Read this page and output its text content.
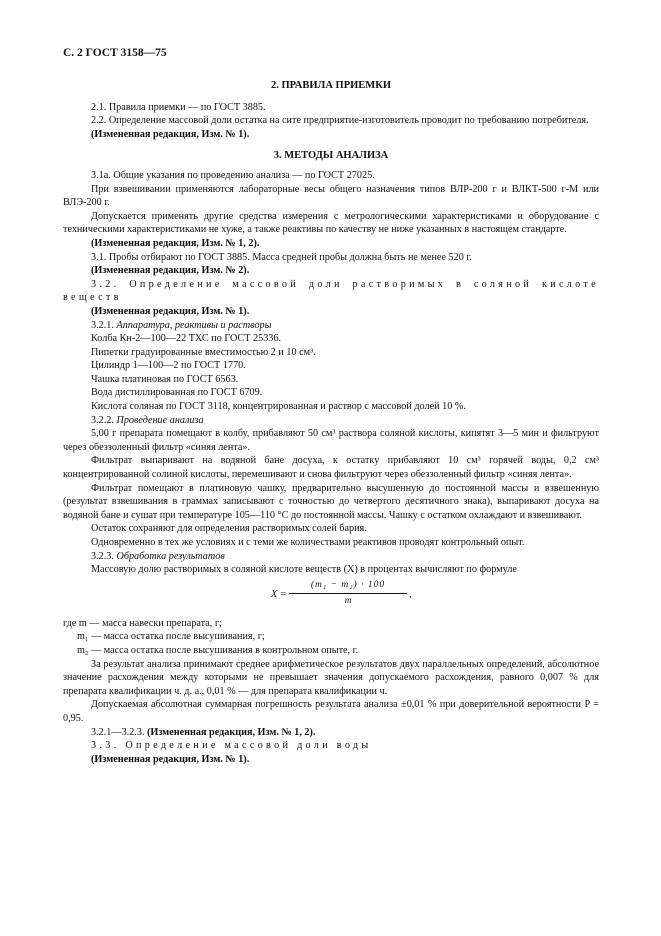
С. 2 ГОСТ 3158—75

2. ПРАВИЛА ПРИЕМКИ

2.1. Правила приемки — по ГОСТ 3885.

2.2. Определение массовой доли остатка на сите предприятие-изготовитель проводит по требованию потребителя.

(Измененная редакция, Изм. № 1).

3. МЕТОДЫ АНАЛИЗА

3.1а. Общие указания по проведению анализа — по ГОСТ 27025.

При взвешивании применяются лабораторные весы общего назначения типов ВЛР-200 г и ВЛКТ-500 г-М или ВЛЭ-200 г.

Допускается применять другие средства измерения с метрологическими характеристиками и оборудование с техническими характеристиками не хуже, а также реактивы по качеству не ниже указанных в настоящем стандарте.

(Измененная редакция, Изм. № 1, 2).

3.1. Пробы отбирают по ГОСТ 3885. Масса средней пробы должна быть не менее 520 г.

(Измененная редакция, Изм. № 2).

3.2. Определение массовой доли растворимых в соляной кислоте веществ

(Измененная редакция, Изм. № 1).

3.2.1. Аппаратура, реактивы и растворы

Колба Кн-2—100—22 ТХС по ГОСТ 25336.

Пипетки градуированные вместимостью 2 и 10 см³.

Цилиндр 1—100—2 по ГОСТ 1770.

Чашка платиновая по ГОСТ 6563.

Вода дистиллированная по ГОСТ 6709.

Кислота соляная по ГОСТ 3118, концентрированная и раствор с массовой долей 10 %.

3.2.2. Проведение анализа

5,00 г препарата помещают в колбу, прибавляют 50 см³ раствора соляной кислоты, кипятят 3—5 мин и фильтруют через обеззоленный фильтр «синяя лента».

Фильтрат выпаривают на водяной бане досуха, к остатку прибавляют 10 см³ горячей воды, 0,2 см³ концентрированной солиной кислоты, перемешивают и снова фильтруют через обеззоленный фильтр «синяя лента».

Фильтрат помещают в платиновую чашку, предварительно высушенную до постоянной массы и взвешенную (результат взвешивания в граммах записывают с точностью до четвертого десятичного знака), выпаривают досуха на водяной бане и сушат при температуре 105—110 °С до постоянной массы. Чашку с остатком охлаждают и взвешивают.

Остаток сохраняют для определения растворимых солей бария.

Одновременно в тех же условиях и с теми же количествами реактивов проводят контрольный опыт.

3.2.3. Обработка результатов

Массовую долю растворимых в соляной кислоте веществ (X) в процентах вычисляют по формуле

X =
(m₁ − m₂) · 100
m
,

где m — масса навески препарата, г;

m₁ — масса остатка после высушивания, г;

m₂ — масса остатка после высушивания в контрольном опыте, г.

За результат анализа принимают среднее арифметическое результатов двух параллельных определений, абсолютное значение расхождения между которыми не превышает значения допускаемого расхождения, равного 0,007 % для препарата квалификации ч. д. а., 0,01 % — для препарата квалификации ч.

Допускаемая абсолютная суммарная погрешность результата анализа ±0,01 % при доверительной вероятности P = 0,95.

3.2.1—3.2.3. (Измененная редакция, Изм. № 1, 2).

3.3. Определение массовой доли воды

(Измененная редакция, Изм. № 1).
